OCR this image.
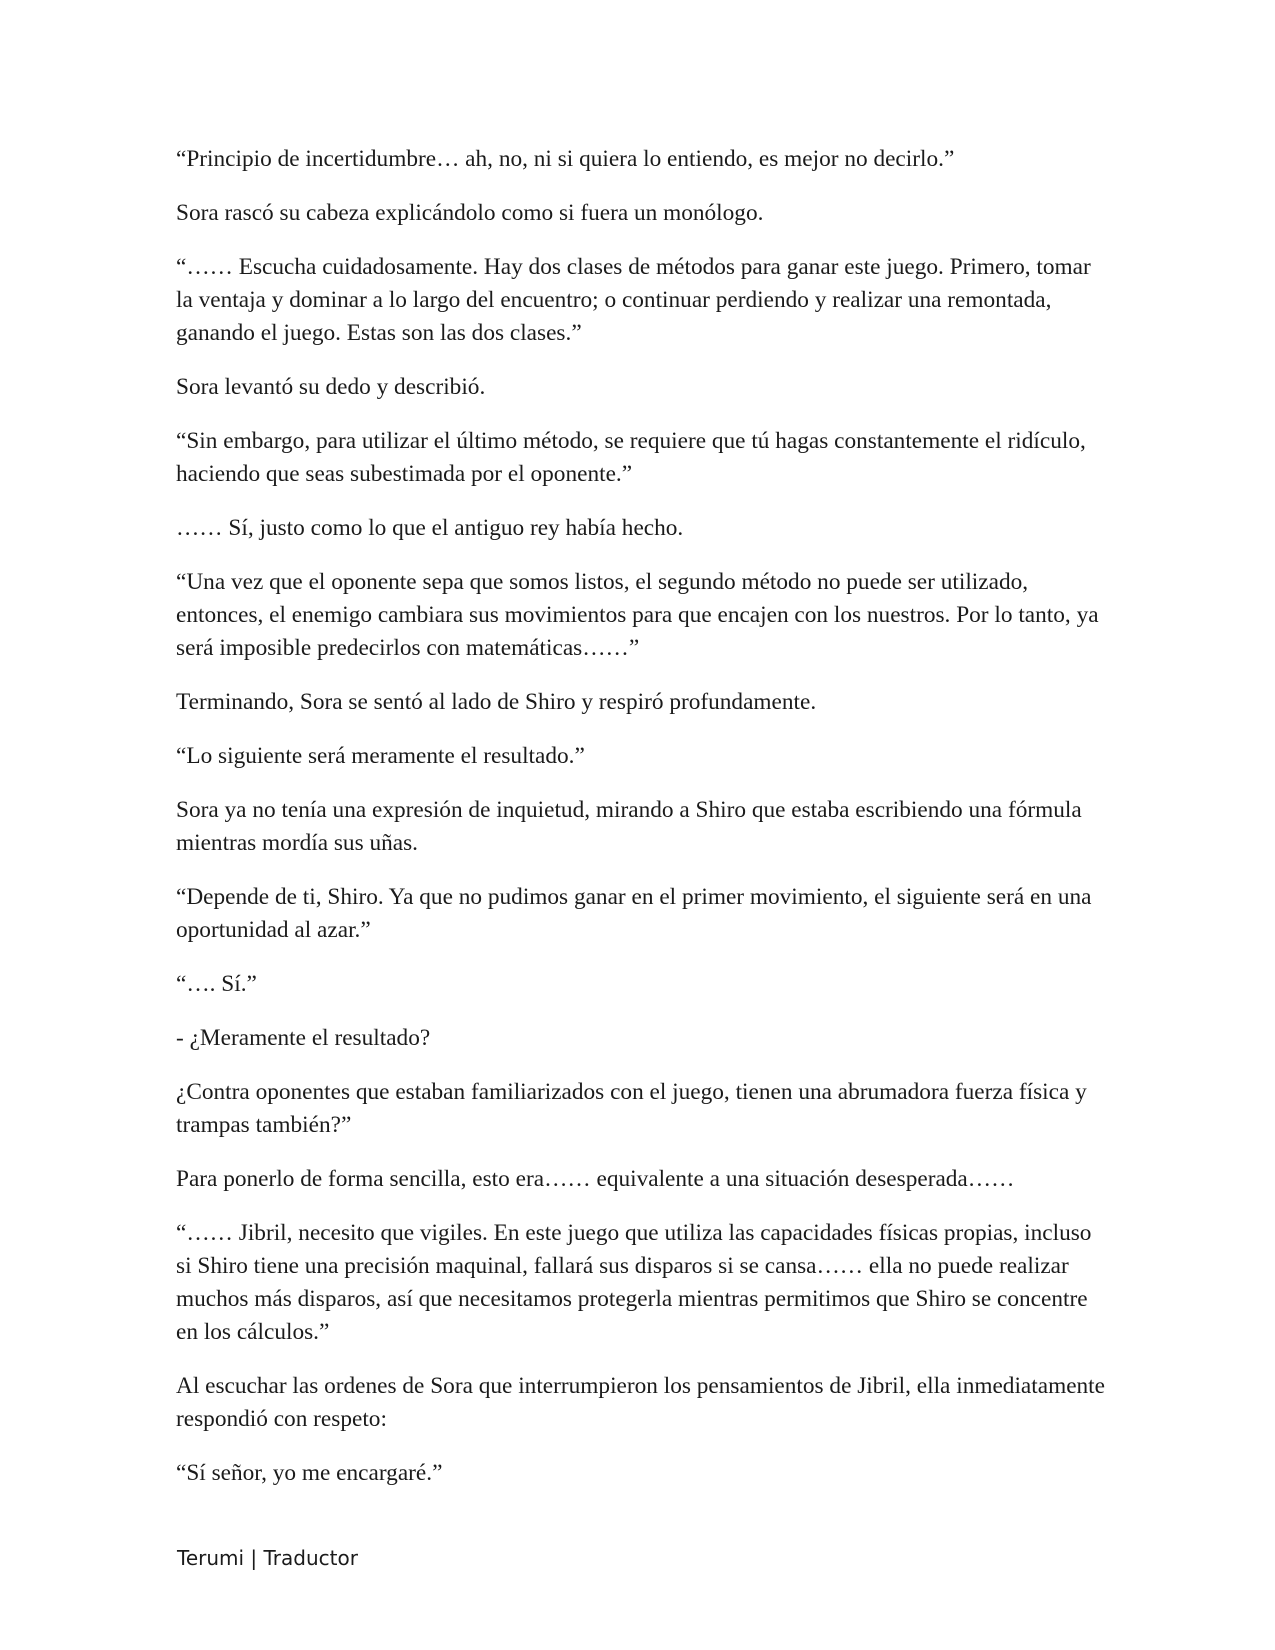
“Principio de incertidumbre… ah, no, ni si quiera lo entiendo, es mejor no decirlo.”

Sora rascó su cabeza explicándolo como si fuera un monólogo.

“…… Escucha cuidadosamente. Hay dos clases de métodos para ganar este juego. Primero, tomar la ventaja y dominar a lo largo del encuentro; o continuar perdiendo y realizar una remontada, ganando el juego. Estas son las dos clases.”

Sora levantó su dedo y describió.

“Sin embargo, para utilizar el último método, se requiere que tú hagas constantemente el ridículo, haciendo que seas subestimada por el oponente.”

…… Sí, justo como lo que el antiguo rey había hecho.

“Una vez que el oponente sepa que somos listos, el segundo método no puede ser utilizado, entonces, el enemigo cambiara sus movimientos para que encajen con los nuestros. Por lo tanto, ya será imposible predecirlos con matemáticas……”

Terminando, Sora se sentó al lado de Shiro y respiró profundamente.

“Lo siguiente será meramente el resultado.”

Sora ya no tenía una expresión de inquietud, mirando a Shiro que estaba escribiendo una fórmula mientras mordía sus uñas.

“Depende de ti, Shiro. Ya que no pudimos ganar en el primer movimiento, el siguiente será en una oportunidad al azar.”

“…. Sí.”

- ¿Meramente el resultado?

¿Contra oponentes que estaban familiarizados con el juego, tienen una abrumadora fuerza física y trampas también?”

Para ponerlo de forma sencilla, esto era…… equivalente a una situación desesperada……

“…… Jibril, necesito que vigiles. En este juego que utiliza las capacidades físicas propias, incluso si Shiro tiene una precisión maquinal, fallará sus disparos si se cansa…… ella no puede realizar muchos más disparos, así que necesitamos protegerla mientras permitimos que Shiro se concentre en los cálculos.”

Al escuchar las ordenes de Sora que interrumpieron los pensamientos de Jibril, ella inmediatamente respondió con respeto:

“Sí señor, yo me encargaré.”

Terumi | Traductor
